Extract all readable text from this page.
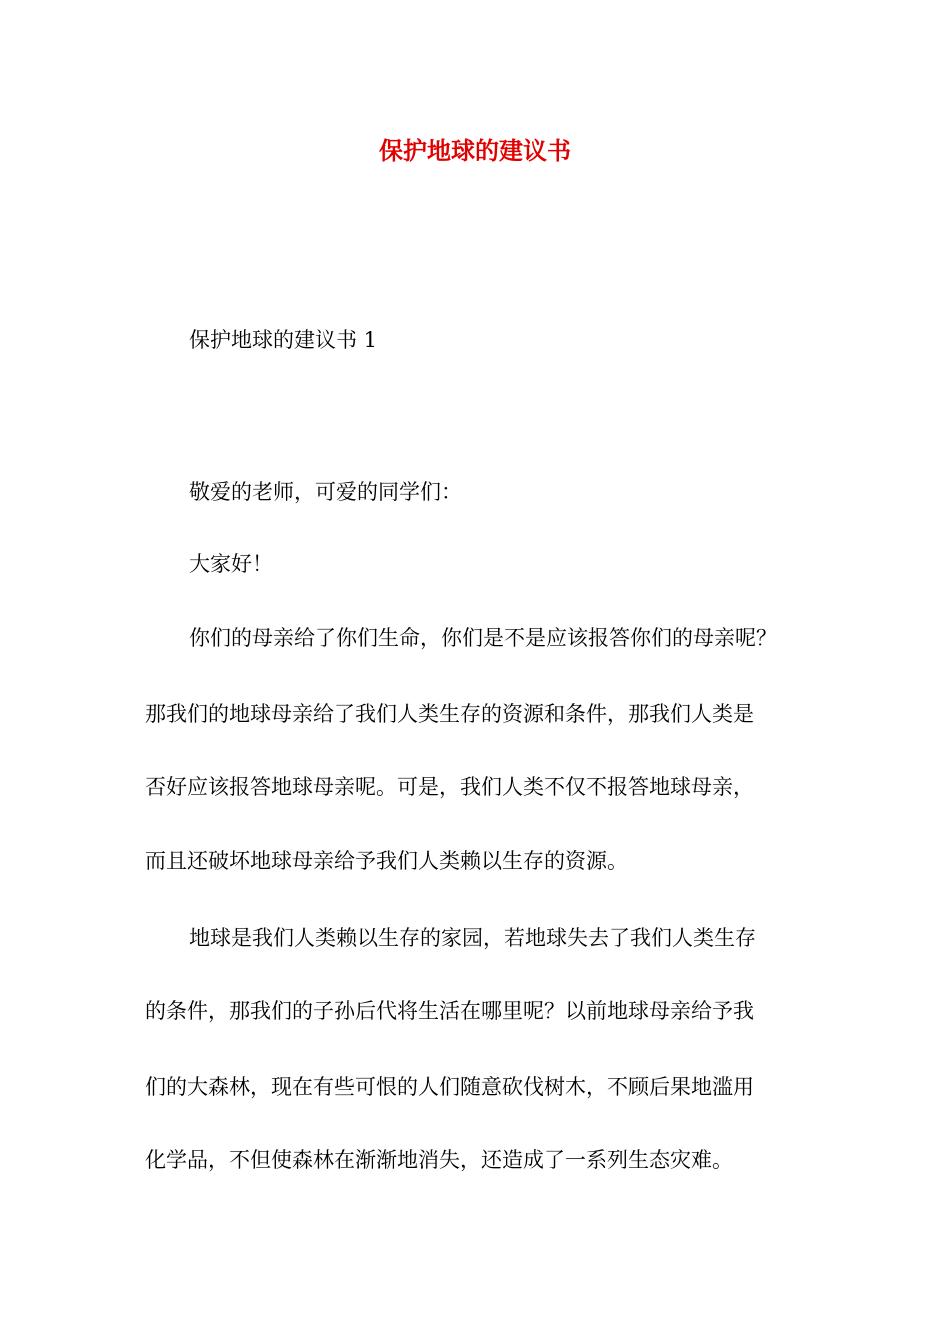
保护地球的建议书
保护地球的建议书 1
敬爱的老师，可爱的同学们：
大家好！
你们的母亲给了你们生命，你们是不是应该报答你们的母亲呢？
那我们的地球母亲给了我们人类生存的资源和条件，那我们人类是
否好应该报答地球母亲呢。可是，我们人类不仅不报答地球母亲，
而且还破坏地球母亲给予我们人类赖以生存的资源。
地球是我们人类赖以生存的家园，若地球失去了我们人类生存
的条件，那我们的子孙后代将生活在哪里呢？以前地球母亲给予我
们的大森林，现在有些可恨的人们随意砍伐树木，不顾后果地滥用
化学品，不但使森林在渐渐地消失，还造成了一系列生态灾难。
